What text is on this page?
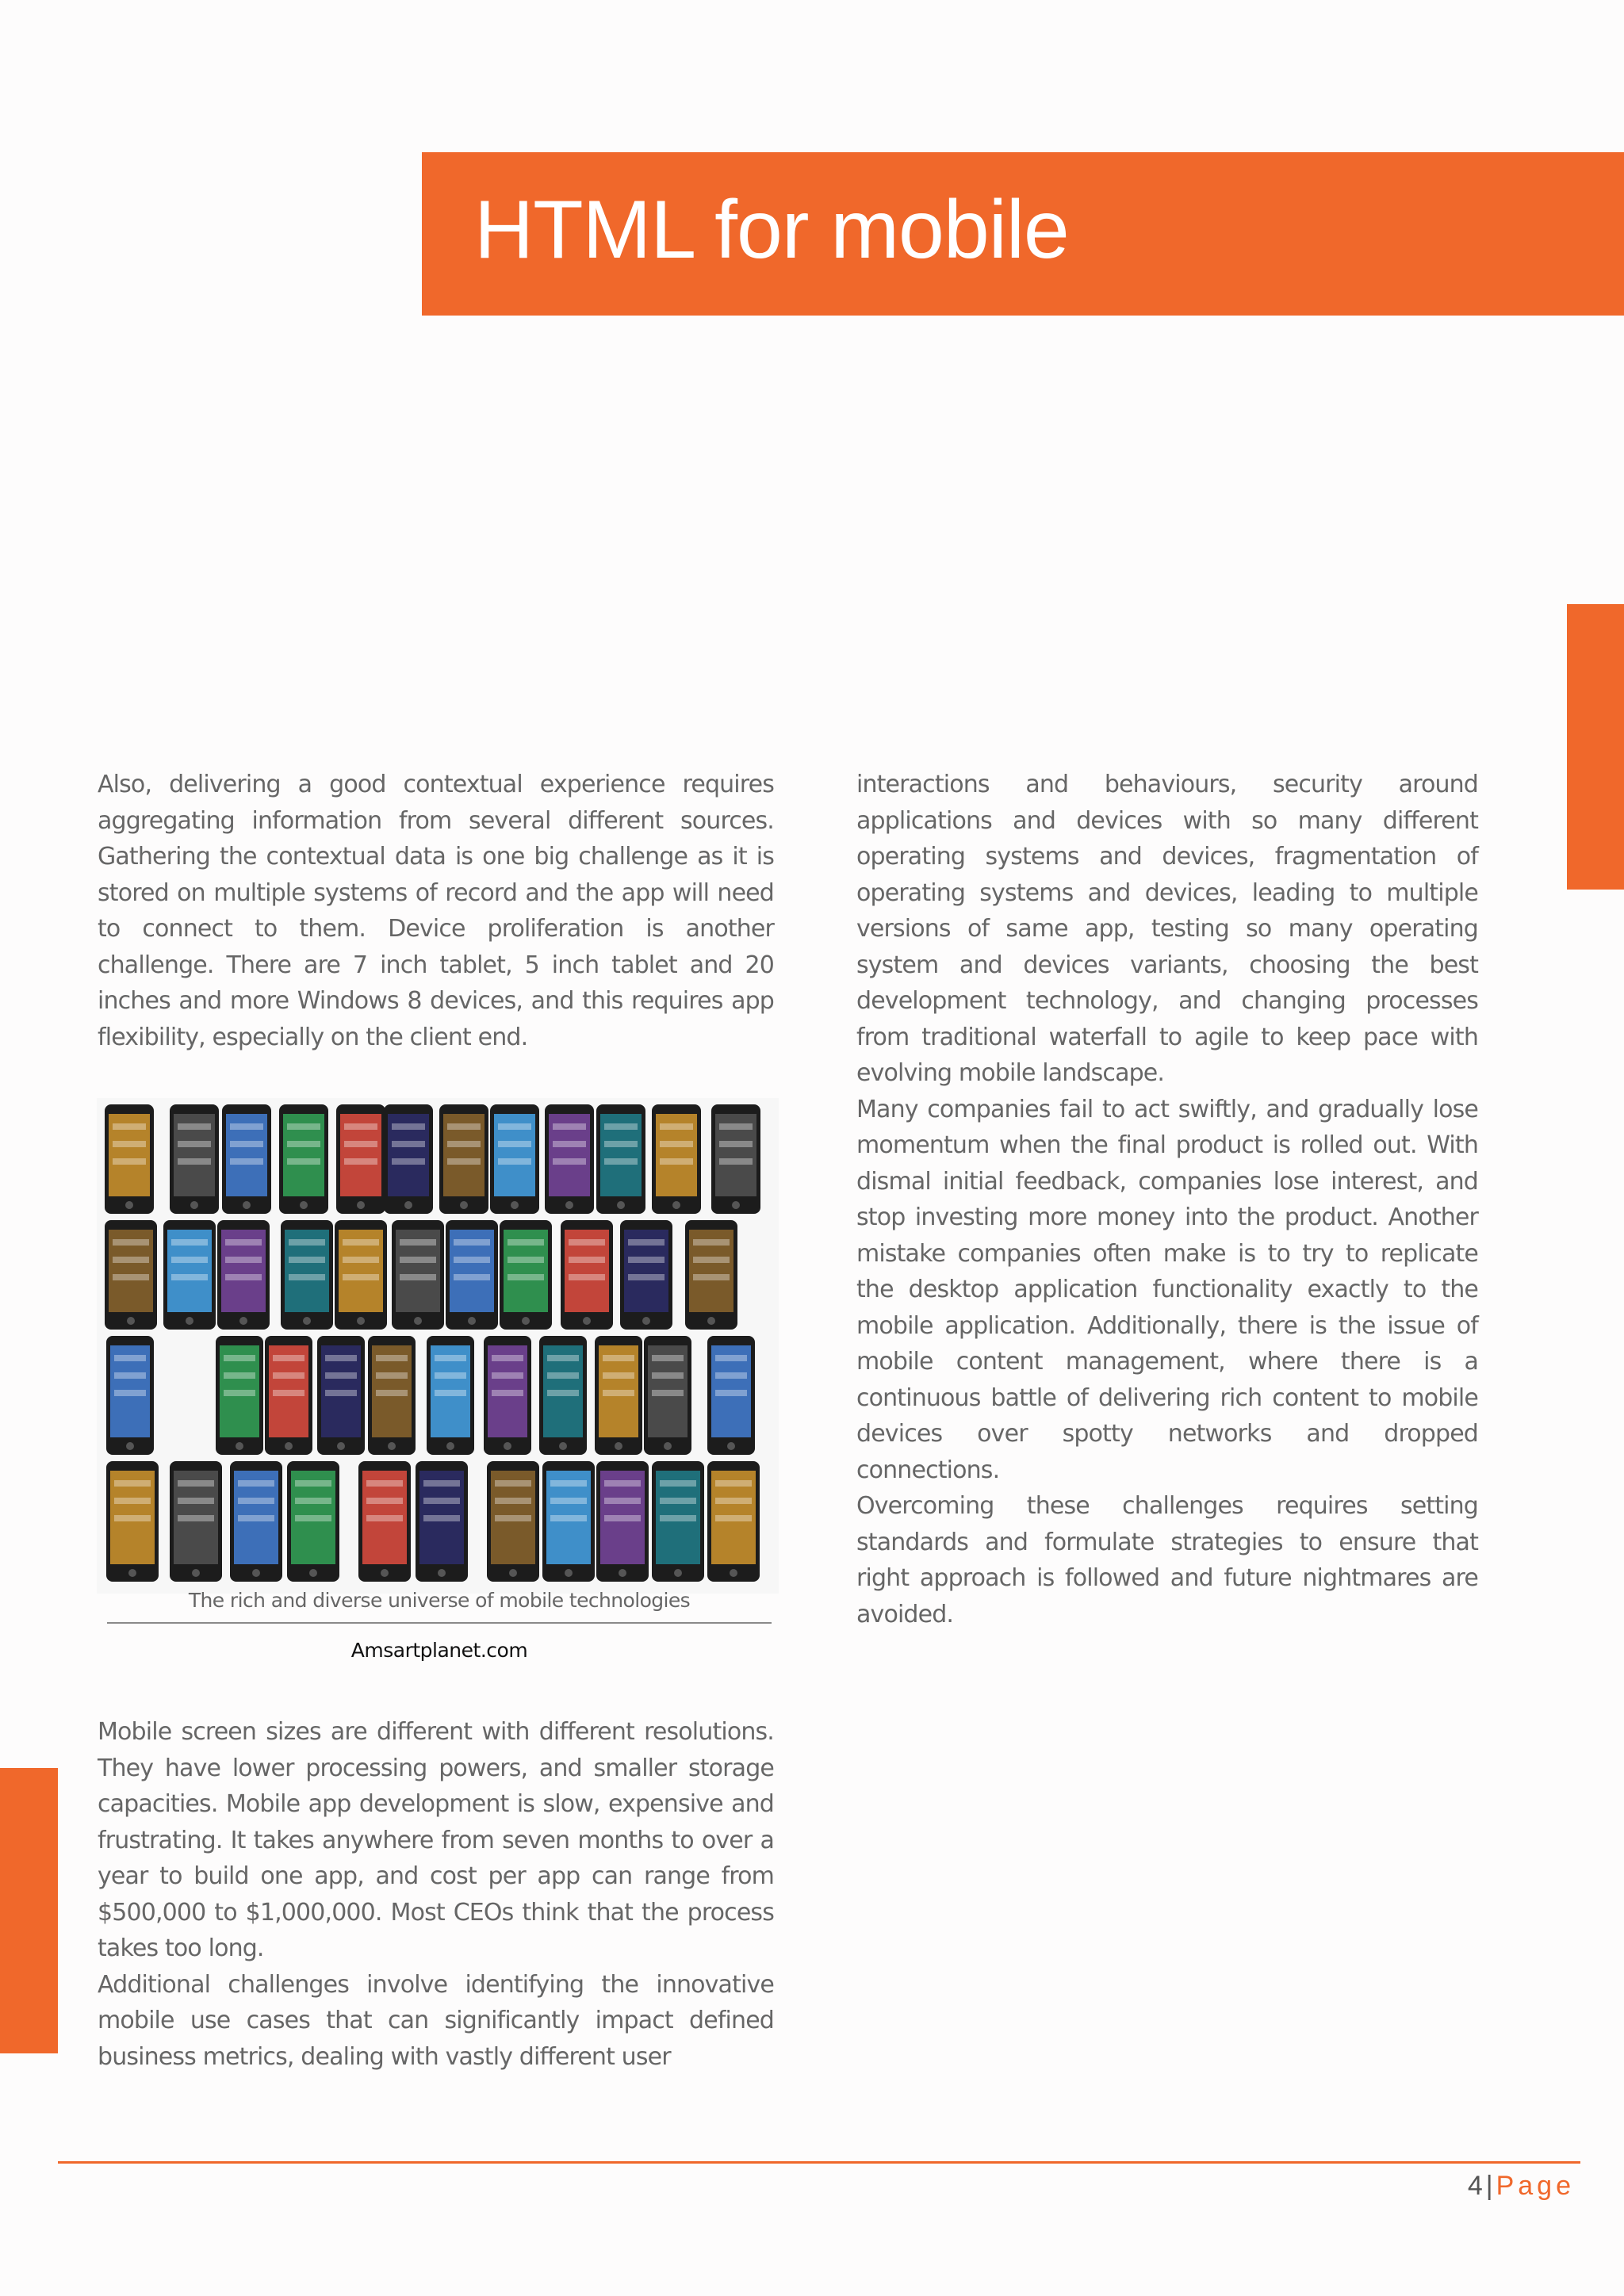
HTML for mobile

Also, delivering a good contextual experience requires aggregating information from several different sources. Gathering the contextual data is one big challenge as it is stored on multiple systems of record and the app will need to connect to them. Device proliferation is another challenge. There are 7 inch tablet, 5 inch tablet and 20 inches and more Windows 8 devices, and this requires app flexibility, especially on the client end.

The rich and diverse universe of mobile technologies
Amsartplanet.com

Mobile screen sizes are different with different resolutions. They have lower processing powers, and smaller storage capacities. Mobile app development is slow, expensive and frustrating. It takes anywhere from seven months to over a year to build one app, and cost per app can range from $500,000 to $1,000,000. Most CEOs think that the process takes too long.

Additional challenges involve identifying the innovative mobile use cases that can significantly impact defined business metrics, dealing with vastly different user

interactions and behaviours, security around applications and devices with so many different operating systems and devices, fragmentation of operating systems and devices, leading to multiple versions of same app, testing so many operating system and devices variants, choosing the best development technology, and changing processes from traditional waterfall to agile to keep pace with evolving mobile landscape.

Many companies fail to act swiftly, and gradually lose momentum when the final product is rolled out. With dismal initial feedback, companies lose interest, and stop investing more money into the product. Another mistake companies often make is to try to replicate the desktop application functionality exactly to the mobile application. Additionally, there is the issue of mobile content management, where there is a continuous battle of delivering rich content to mobile devices over spotty networks and dropped connections.

Overcoming these challenges requires setting standards and formulate strategies to ensure that right approach is followed and future nightmares are avoided.

4 | Page
